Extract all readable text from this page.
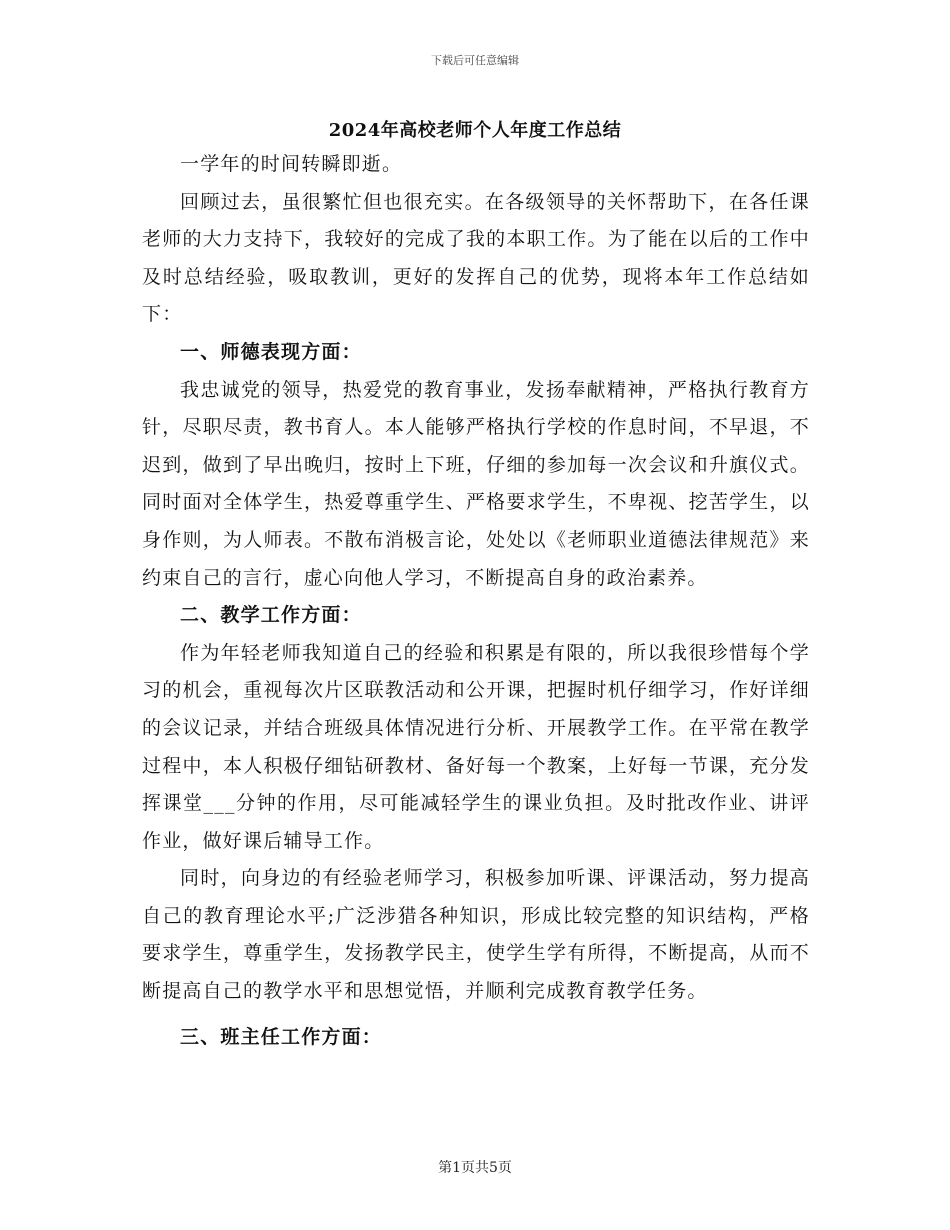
下载后可任意编辑
2024年高校老师个人年度工作总结

一学年的时间转瞬即逝。

回顾过去，虽很繁忙但也很充实。在各级领导的关怀帮助下，在各任课老师的大力支持下，我较好的完成了我的本职工作。为了能在以后的工作中及时总结经验，吸取教训，更好的发挥自己的优势，现将本年工作总结如下：

一、师德表现方面：

我忠诚党的领导，热爱党的教育事业，发扬奉献精神，严格执行教育方针，尽职尽责，教书育人。本人能够严格执行学校的作息时间，不早退，不迟到，做到了早出晚归，按时上下班，仔细的参加每一次会议和升旗仪式。同时面对全体学生，热爱尊重学生、严格要求学生，不卑视、挖苦学生，以身作则，为人师表。不散布消极言论，处处以《老师职业道德法律规范》来约束自己的言行，虚心向他人学习，不断提高自身的政治素养。

二、教学工作方面：

作为年轻老师我知道自己的经验和积累是有限的，所以我很珍惜每个学习的机会，重视每次片区联教活动和公开课，把握时机仔细学习，作好详细的会议记录，并结合班级具体情况进行分析、开展教学工作。在平常在教学过程中，本人积极仔细钻研教材、备好每一个教案，上好每一节课，充分发挥课堂___分钟的作用，尽可能减轻学生的课业负担。及时批改作业、讲评作业，做好课后辅导工作。

同时，向身边的有经验老师学习，积极参加听课、评课活动，努力提高自己的教育理论水平;广泛涉猎各种知识，形成比较完整的知识结构，严格要求学生，尊重学生，发扬教学民主，使学生学有所得，不断提高，从而不断提高自己的教学水平和思想觉悟，并顺利完成教育教学任务。

三、班主任工作方面：

第1页共5页
